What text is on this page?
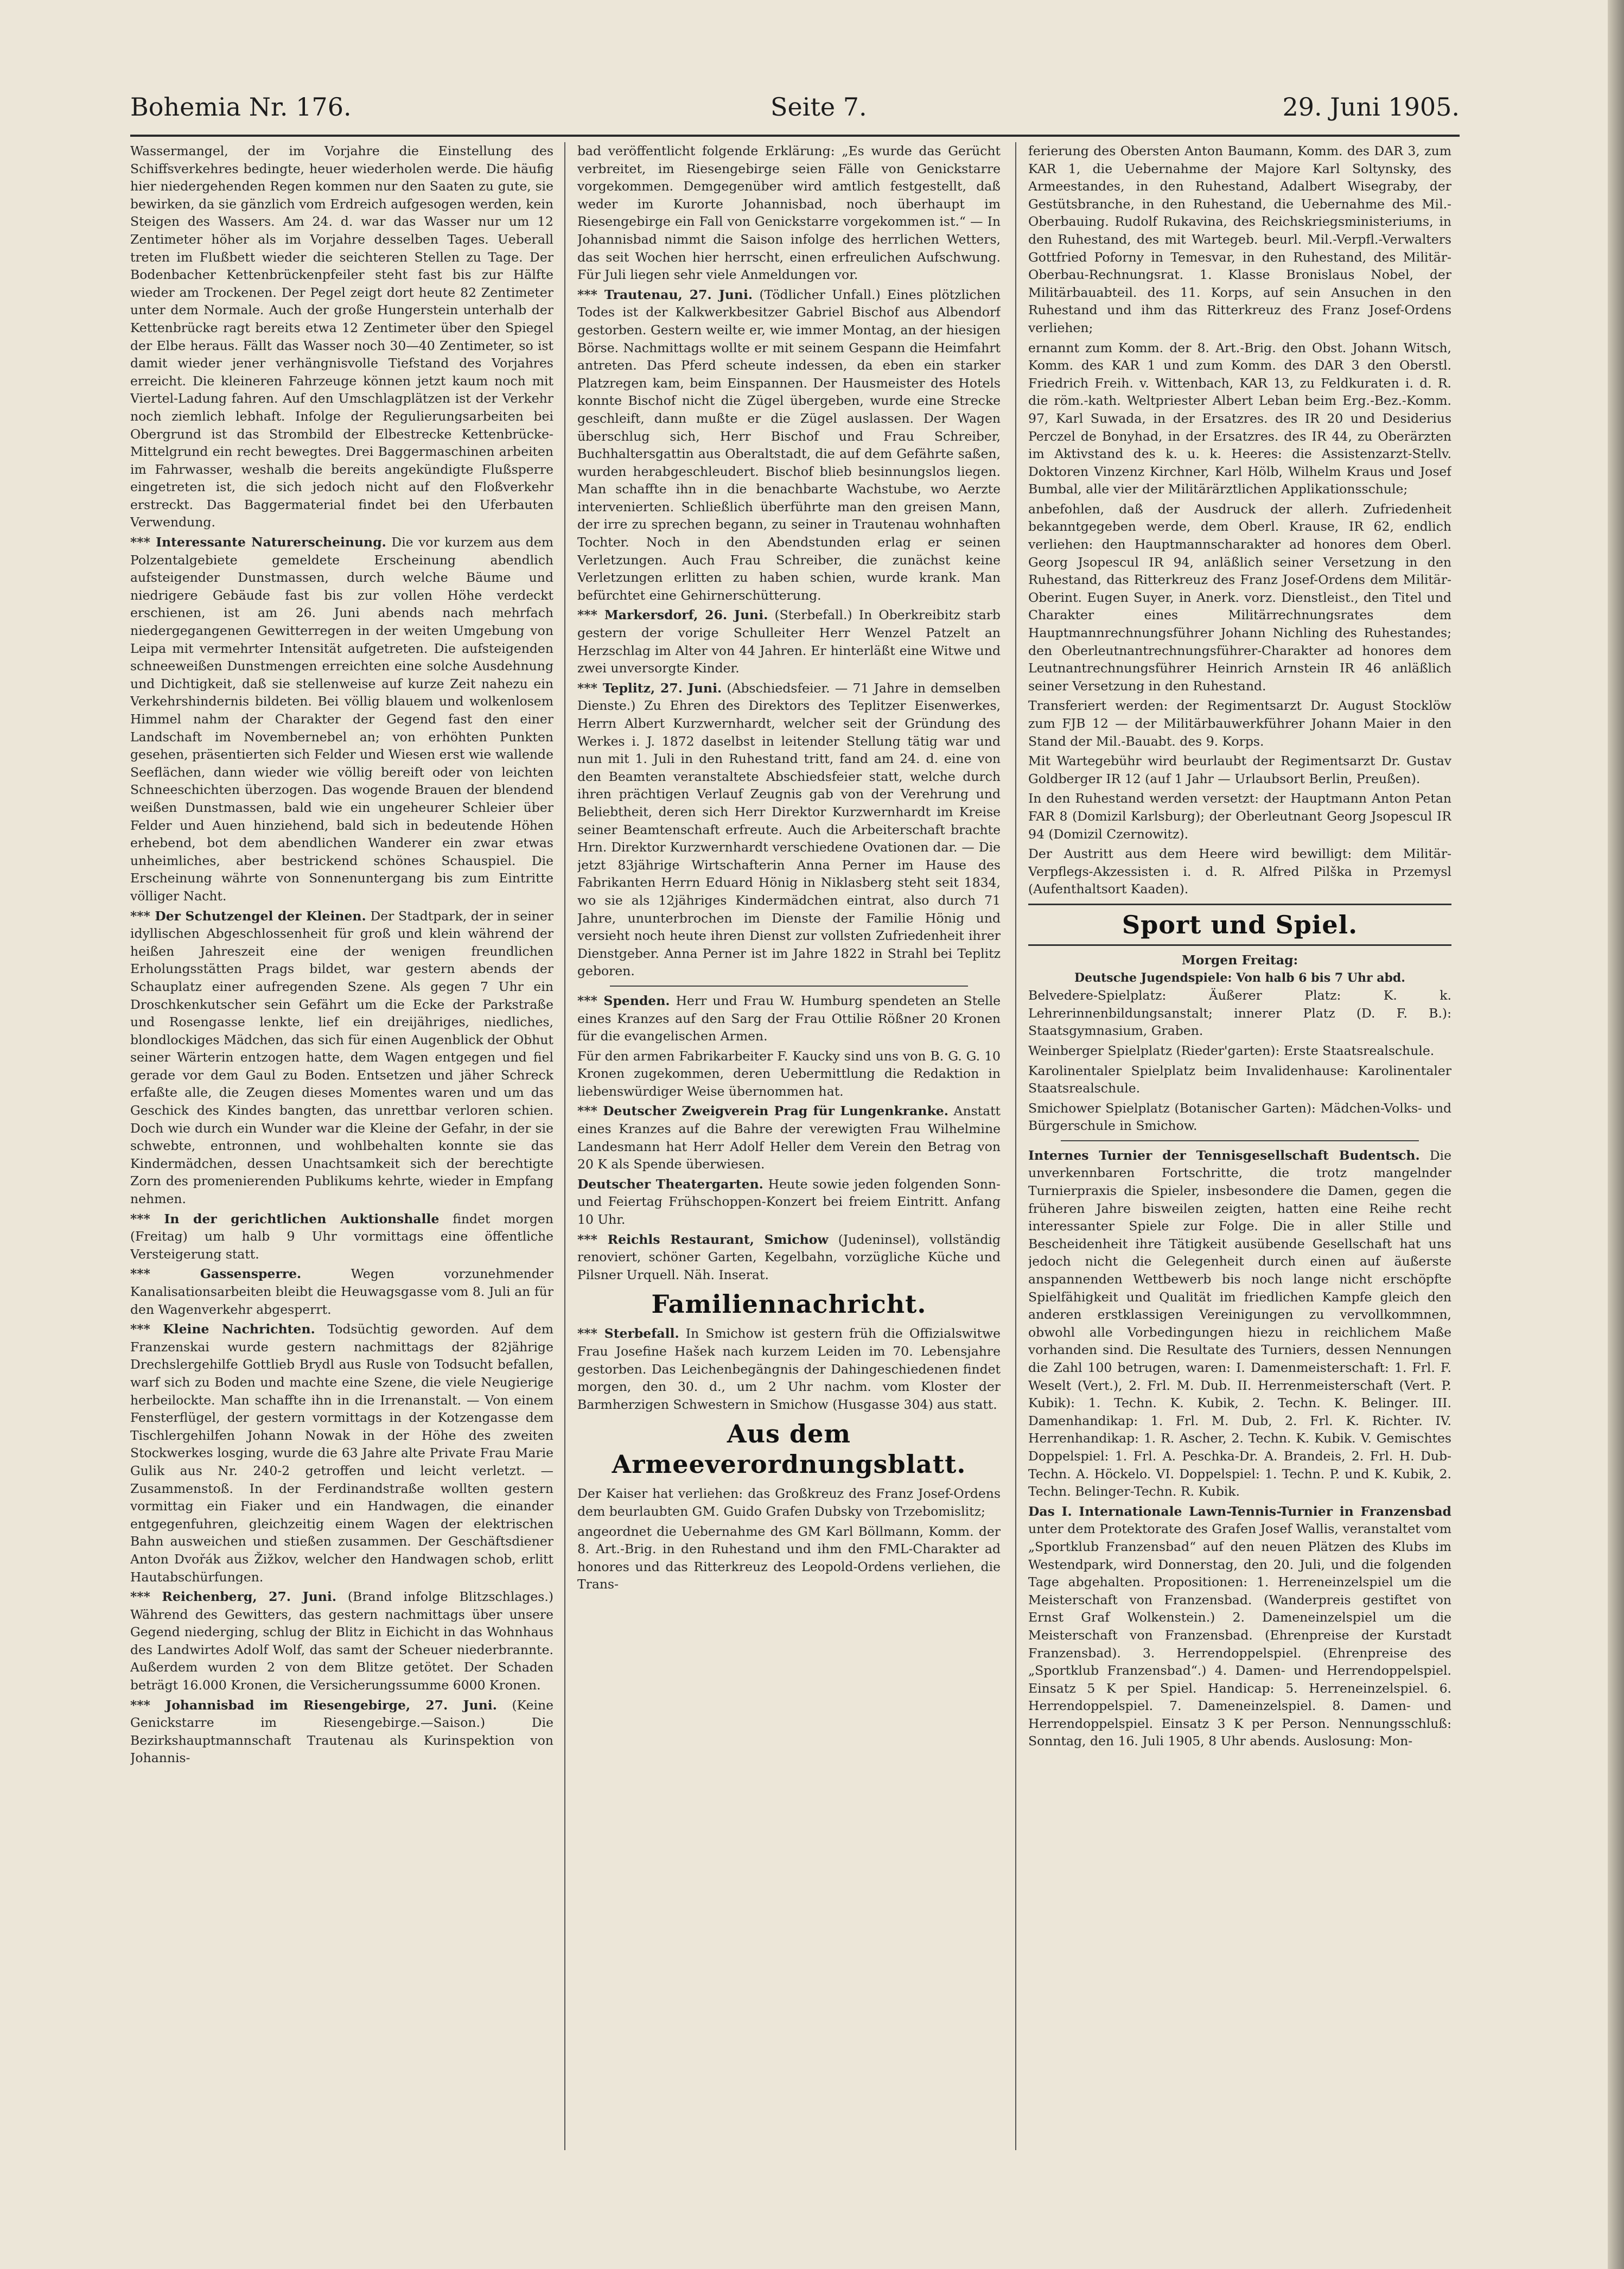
Bohemia Nr. 176.	Seite 7.	29. Juni 1905.

Wassermangel, der im Vorjahre die Einstellung des Schiffsverkehres bedingte, heuer wiederholen werde. Die häufig hier niedergehenden Regen kommen nur den Saaten zu gute, sie bewirken, da sie gänzlich vom Erdreich aufgesogen werden, kein Steigen des Wassers. Am 24. d. war das Wasser nur um 12 Zentimeter höher als im Vorjahre desselben Tages. Ueberall treten im Flußbett wieder die seichteren Stellen zu Tage. Der Bodenbacher Kettenbrückenpfeiler steht fast bis zur Hälfte wieder am Trockenen. Der Pegel zeigt dort heute 82 Zentimeter unter dem Normale. Auch der große Hungerstein unterhalb der Kettenbrücke ragt bereits etwa 12 Zentimeter über den Spiegel der Elbe heraus. Fällt das Wasser noch 30—40 Zentimeter, so ist damit wieder jener verhängnisvolle Tiefstand des Vorjahres erreicht. Die kleineren Fahrzeuge können jetzt kaum noch mit Viertel-Ladung fahren. Auf den Umschlagplätzen ist der Verkehr noch ziemlich lebhaft. Infolge der Regulierungsarbeiten bei Obergrund ist das Strombild der Elbestrecke Kettenbrücke-Mittelgrund ein recht bewegtes. Drei Baggermaschinen arbeiten im Fahrwasser, weshalb die bereits angekündigte Flußsperre eingetreten ist, die sich jedoch nicht auf den Floßverkehr erstreckt. Das Baggermaterial findet bei den Uferbauten Verwendung.

*** Interessante Naturerscheinung. Die vor kurzem aus dem Polzentalgebiete gemeldete Erscheinung abendlich aufsteigender Dunstmassen, durch welche Bäume und niedrigere Gebäude fast bis zur vollen Höhe verdeckt erschienen, ist am 26. Juni abends nach mehrfach niedergegangenen Gewitterregen in der weiten Umgebung von Leipa mit vermehrter Intensität aufgetreten. Die aufsteigenden schneeweißen Dunstmengen erreichten eine solche Ausdehnung und Dichtigkeit, daß sie stellenweise auf kurze Zeit nahezu ein Verkehrshindernis bildeten. Bei völlig blauem und wolkenlosem Himmel nahm der Charakter der Gegend fast den einer Landschaft im Novembernebel an; von erhöhten Punkten gesehen, präsentierten sich Felder und Wiesen erst wie wallende Seeflächen, dann wieder wie völlig bereift oder von leichten Schneeschichten überzogen. Das wogende Brauen der blendend weißen Dunstmassen, bald wie ein ungeheurer Schleier über Felder und Auen hinziehend, bald sich in bedeutende Höhen erhebend, bot dem abendlichen Wanderer ein zwar etwas unheimliches, aber bestrickend schönes Schauspiel. Die Erscheinung währte von Sonnenuntergang bis zum Eintritte völliger Nacht.

*** Der Schutzengel der Kleinen. Der Stadtpark, der in seiner idyllischen Abgeschlossenheit für groß und klein während der heißen Jahreszeit eine der wenigen freundlichen Erholungsstätten Prags bildet, war gestern abends der Schauplatz einer aufregenden Szene. Als gegen 7 Uhr ein Droschkenkutscher sein Gefährt um die Ecke der Parkstraße und Rosengasse lenkte, lief ein dreijähriges, niedliches, blondlockiges Mädchen, das sich für einen Augenblick der Obhut seiner Wärterin entzogen hatte, dem Wagen entgegen und fiel gerade vor dem Gaul zu Boden. Entsetzen und jäher Schreck erfaßte alle, die Zeugen dieses Momentes waren und um das Geschick des Kindes bangten, das unrettbar verloren schien. Doch wie durch ein Wunder war die Kleine der Gefahr, in der sie schwebte, entronnen, und wohlbehalten konnte sie das Kindermädchen, dessen Unachtsamkeit sich der berechtigte Zorn des promenierenden Publikums kehrte, wieder in Empfang nehmen.

*** In der gerichtlichen Auktionshalle findet morgen (Freitag) um halb 9 Uhr vormittags eine öffentliche Versteigerung statt.

*** Gassensperre.	Wegen vorzunehmender Kanalisationsarbeiten bleibt die Heuwagsgasse vom 8. Juli an für den Wagenverkehr abgesperrt.

*** Kleine Nachrichten. Todsüchtig geworden. Auf dem Franzenskai wurde gestern nachmittags der 82jährige Drechslergehilfe Gottlieb Brydl aus Rusle von Todsucht befallen, warf sich zu Boden und machte eine Szene, die viele Neugierige herbeilockte. Man schaffte ihn in die Irrenanstalt. — Von einem Fensterflügel, der gestern vormittags in der Kotzengasse dem Tischlergehilfen Johann Nowak in der Höhe des zweiten Stockwerkes losging, wurde die 63 Jahre alte Private Frau Marie Gulik aus Nr. 240-2 getroffen und leicht verletzt. — Zusammenstoß. In der Ferdinandstraße wollten gestern vormittag ein Fiaker und ein Handwagen, die einander entgegenfuhren, gleichzeitig einem Wagen der elektrischen Bahn ausweichen und stießen zusammen. Der Geschäftsdiener Anton Dvořák aus Žižkov, welcher den Handwagen schob, erlitt Hautabschürfungen.

*** Reichenberg, 27. Juni. (Brand infolge Blitzschlages.) Während des Gewitters, das gestern nachmittags über unsere Gegend niederging, schlug der Blitz in Eichicht in das Wohnhaus des Landwirtes Adolf Wolf, das samt der Scheuer niederbrannte. Außerdem wurden 2 von dem Blitze getötet. Der Schaden beträgt 16.000 Kronen, die Versicherungssumme 6000 Kronen.

*** Johannisbad im Riesengebirge, 27. Juni. (Keine Genickstarre im Riesengebirge.—Saison.) Die Bezirkshauptmannschaft Trautenau als Kurinspektion von Johannis-

bad veröffentlicht folgende Erklärung: „Es wurde das Gerücht verbreitet, im Riesengebirge seien Fälle von Genickstarre vorgekommen. Demgegenüber wird amtlich festgestellt, daß weder im Kurorte Johannisbad, noch überhaupt im Riesengebirge ein Fall von Genickstarre vorgekommen ist.“ — In Johannisbad nimmt die Saison infolge des herrlichen Wetters, das seit Wochen hier herrscht, einen erfreulichen Aufschwung. Für Juli liegen sehr viele Anmeldungen vor.

*** Trautenau, 27. Juni. (Tödlicher Unfall.) Eines plötzlichen Todes ist der Kalkwerkbesitzer Gabriel Bischof aus Albendorf gestorben. Gestern weilte er, wie immer Montag, an der hiesigen Börse. Nachmittags wollte er mit seinem Gespann die Heimfahrt antreten. Das Pferd scheute indessen, da eben ein starker Platzregen kam, beim Einspannen. Der Hausmeister des Hotels konnte Bischof nicht die Zügel übergeben, wurde eine Strecke geschleift, dann mußte er die Zügel auslassen. Der Wagen überschlug sich, Herr Bischof und Frau Schreiber, Buchhaltersgattin aus Oberaltstadt, die auf dem Gefährte saßen, wurden herabgeschleudert. Bischof blieb besinnungslos liegen. Man schaffte ihn in die benachbarte Wachstube, wo Aerzte intervenierten. Schließlich überführte man den greisen Mann, der irre zu sprechen begann, zu seiner in Trautenau wohnhaften Tochter. Noch in den Abendstunden erlag er seinen Verletzungen. Auch Frau Schreiber, die zunächst keine Verletzungen erlitten zu haben schien, wurde krank. Man befürchtet eine Gehirnerschütterung.

*** Markersdorf, 26. Juni. (Sterbefall.) In Oberkreibitz starb gestern der vorige Schulleiter Herr Wenzel Patzelt an Herzschlag im Alter von 44 Jahren. Er hinterläßt eine Witwe und zwei unversorgte Kinder.

*** Teplitz, 27. Juni. (Abschiedsfeier. — 71 Jahre in demselben Dienste.) Zu Ehren des Direktors des Teplitzer Eisenwerkes, Herrn Albert Kurzwernhardt, welcher seit der Gründung des Werkes i. J. 1872 daselbst in leitender Stellung tätig war und nun mit 1. Juli in den Ruhestand tritt, fand am 24. d. eine von den Beamten veranstaltete Abschiedsfeier statt, welche durch ihren prächtigen Verlauf Zeugnis gab von der Verehrung und Beliebtheit, deren sich Herr Direktor Kurzwernhardt im Kreise seiner Beamtenschaft erfreute. Auch die Arbeiterschaft brachte Hrn. Direktor Kurzwernhardt verschiedene Ovationen dar. — Die jetzt 83jährige Wirtschafterin Anna Perner im Hause des Fabrikanten Herrn Eduard Hönig in Niklasberg steht seit 1834, wo sie als 12jähriges Kindermädchen eintrat, also durch 71 Jahre, ununterbrochen im Dienste der Familie Hönig und versieht noch heute ihren Dienst zur vollsten Zufriedenheit ihrer Dienstgeber. Anna Perner ist im Jahre 1822 in Strahl bei Teplitz geboren.

*** Spenden. Herr und Frau W. Humburg spendeten an Stelle eines Kranzes auf den Sarg der Frau Ottilie Rößner 20 Kronen für die evangelischen Armen.

Für den armen Fabrikarbeiter F. Kaucky sind uns von B. G. G. 10 Kronen zugekommen, deren Uebermittlung die Redaktion in liebenswürdiger Weise übernommen hat.

*** Deutscher Zweigverein Prag für Lungenkranke. Anstatt eines Kranzes auf die Bahre der verewigten Frau Wilhelmine Landesmann hat Herr Adolf Heller dem Verein den Betrag von 20 K als Spende überwiesen.

Deutscher Theatergarten. Heute sowie jeden folgenden Sonn- und Feiertag Frühschoppen-Konzert bei freiem Eintritt. Anfang 10 Uhr.

*** Reichls Restaurant, Smichow (Judeninsel), vollständig renoviert, schöner Garten, Kegelbahn, vorzügliche Küche und Pilsner Urquell. Näh. Inserat.

Familiennachricht.

*** Sterbefall. In Smichow ist gestern früh die Offizialswitwe Frau Josefine Hašek nach kurzem Leiden im 70. Lebensjahre gestorben. Das Leichenbegängnis der Dahingeschiedenen findet morgen, den 30. d., um 2 Uhr nachm. vom Kloster der Barmherzigen Schwestern in Smichow (Husgasse 304) aus statt.

Aus dem Armeeverordnungsblatt.

Der Kaiser hat verliehen: das Großkreuz des Franz Josef-Ordens dem beurlaubten GM. Guido Grafen Dubsky von Trzebomislitz;

angeordnet die Uebernahme des GM Karl Böllmann, Komm. der 8. Art.-Brig. in den Ruhestand und ihm den FML-Charakter ad honores und das Ritterkreuz des Leopold-Ordens verliehen, die Trans-

ferierung des Obersten Anton Baumann, Komm. des DAR 3, zum KAR 1, die Uebernahme der Majore Karl Soltynsky, des Armeestandes, in den Ruhestand, Adalbert Wisegraby, der Gestütsbranche, in den Ruhestand, die Uebernahme des Mil.-Oberbauing. Rudolf Rukavina, des Reichskriegsministeriums, in den Ruhestand, des mit Wartegeb. beurl. Mil.-Verpfl.-Verwalters Gottfried Poforny in Temesvar, in den Ruhestand, des Militär-Oberbau-Rechnungsrat. 1. Klasse Bronislaus Nobel, der Militärbauabteil. des 11. Korps, auf sein Ansuchen in den Ruhestand und ihm das Ritterkreuz des Franz Josef-Ordens verliehen;

ernannt zum Komm. der 8. Art.-Brig. den Obst. Johann Witsch, Komm. des KAR 1 und zum Komm. des DAR 3 den Oberstl. Friedrich Freih. v. Wittenbach, KAR 13, zu Feldkuraten i. d. R. die röm.-kath. Weltpriester Albert Leban beim Erg.-Bez.-Komm. 97, Karl Suwada, in der Ersatzres. des IR 20 und Desiderius Perczel de Bonyhad, in der Ersatzres. des IR 44, zu Oberärzten im Aktivstand des k. u. k. Heeres: die Assistenzarzt-Stellv. Doktoren Vinzenz Kirchner, Karl Hölb, Wilhelm Kraus und Josef Bumbal, alle vier der Militärärztlichen Applikationsschule;

anbefohlen, daß der Ausdruck der allerh. Zufriedenheit bekanntgegeben werde, dem Oberl. Krause, IR 62, endlich verliehen: den Hauptmannscharakter ad honores dem Oberl. Georg Jsopescul IR 94, anläßlich seiner Versetzung in den Ruhestand, das Ritterkreuz des Franz Josef-Ordens dem Militär-Oberint. Eugen Suyer, in Anerk. vorz. Dienstleist., den Titel und Charakter eines Militärrechnungsrates dem Hauptmannrechnungsführer Johann Nichling des Ruhestandes; den Oberleutnantrechnungsführer-Charakter ad honores dem Leutnantrechnungsführer Heinrich Arnstein IR 46 anläßlich seiner Versetzung in den Ruhestand.

Transferiert werden: der Regimentsarzt Dr. August Stocklöw zum FJB 12 — der Militärbauwerkführer Johann Maier in den Stand der Mil.-Bauabt. des 9. Korps.

Mit Wartegebühr wird beurlaubt der Regimentsarzt Dr. Gustav Goldberger IR 12 (auf 1 Jahr — Urlaubsort Berlin, Preußen).

In den Ruhestand werden versetzt: der Hauptmann Anton Petan FAR 8 (Domizil Karlsburg); der Oberleutnant Georg Jsopescul IR 94 (Domizil Czernowitz).

Der Austritt aus dem Heere wird bewilligt: dem Militär-Verpflegs-Akzessisten i. d. R. Alfred Pilška in Przemysl (Aufenthaltsort Kaaden).

Sport und Spiel.

Morgen Freitag:

Deutsche Jugendspiele: Von halb 6 bis 7 Uhr abd.

Belvedere-Spielplatz: Äußerer Platz: K. k. Lehrerinnenbildungsanstalt; innerer Platz (D. F. B.): Staatsgymnasium, Graben.

Weinberger Spielplatz (Rieder'garten): Erste Staatsrealschule.

Karolinentaler Spielplatz beim Invalidenhause: Karolinentaler Staatsrealschule.

Smichower Spielplatz (Botanischer Garten): Mädchen-Volks- und Bürgerschule in Smichow.

Internes Turnier der Tennisgesellschaft Budentsch. Die unverkennbaren Fortschritte, die trotz mangelnder Turnierpraxis die Spieler, insbesondere die Damen, gegen die früheren Jahre bisweilen zeigten, hatten eine Reihe recht interessanter Spiele zur Folge. Die in aller Stille und Bescheidenheit ihre Tätigkeit ausübende Gesellschaft hat uns jedoch nicht die Gelegenheit durch einen auf äußerste anspannenden Wettbewerb bis noch lange nicht erschöpfte Spielfähigkeit und Qualität im friedlichen Kampfe gleich den anderen erstklassigen Vereinigungen zu vervollkommnen, obwohl alle Vorbedingungen hiezu in reichlichem Maße vorhanden sind. Die Resultate des Turniers, dessen Nennungen die Zahl 100 betrugen, waren: I. Damenmeisterschaft: 1. Frl. F. Weselt (Vert.), 2. Frl. M. Dub. II. Herrenmeisterschaft (Vert. P. Kubik): 1. Techn. K. Kubik, 2. Techn. K. Belinger. III. Damenhandikap: 1. Frl. M. Dub, 2. Frl. K. Richter. IV. Herrenhandikap: 1. R. Ascher, 2. Techn. K. Kubik. V. Gemischtes Doppelspiel: 1. Frl. A. Peschka-Dr. A. Brandeis, 2. Frl. H. Dub-Techn. A. Höckelo. VI. Doppelspiel: 1. Techn. P. und K. Kubik, 2. Techn. Belinger-Techn. R. Kubik.

Das I. Internationale Lawn-Tennis-Turnier in Franzensbad unter dem Protektorate des Grafen Josef Wallis, veranstaltet vom „Sportklub Franzensbad“ auf den neuen Plätzen des Klubs im Westendpark, wird Donnerstag, den 20. Juli, und die folgenden Tage abgehalten. Propositionen: 1. Herreneinzelspiel um die Meisterschaft von Franzensbad. (Wanderpreis gestiftet von Ernst Graf Wolkenstein.) 2. Dameneinzelspiel um die Meisterschaft von Franzensbad. (Ehrenpreise der Kurstadt Franzensbad). 3. Herrendoppelspiel. (Ehrenpreise des „Sportklub Franzensbad“.) 4. Damen- und Herrendoppelspiel. Einsatz 5 K per Spiel. Handicap: 5. Herreneinzelspiel. 6. Herrendoppelspiel. 7. Dameneinzelspiel. 8. Damen- und Herrendoppelspiel. Einsatz 3 K per Person. Nennungsschluß: Sonntag, den 16. Juli 1905, 8 Uhr abends. Auslosung: Mon-
